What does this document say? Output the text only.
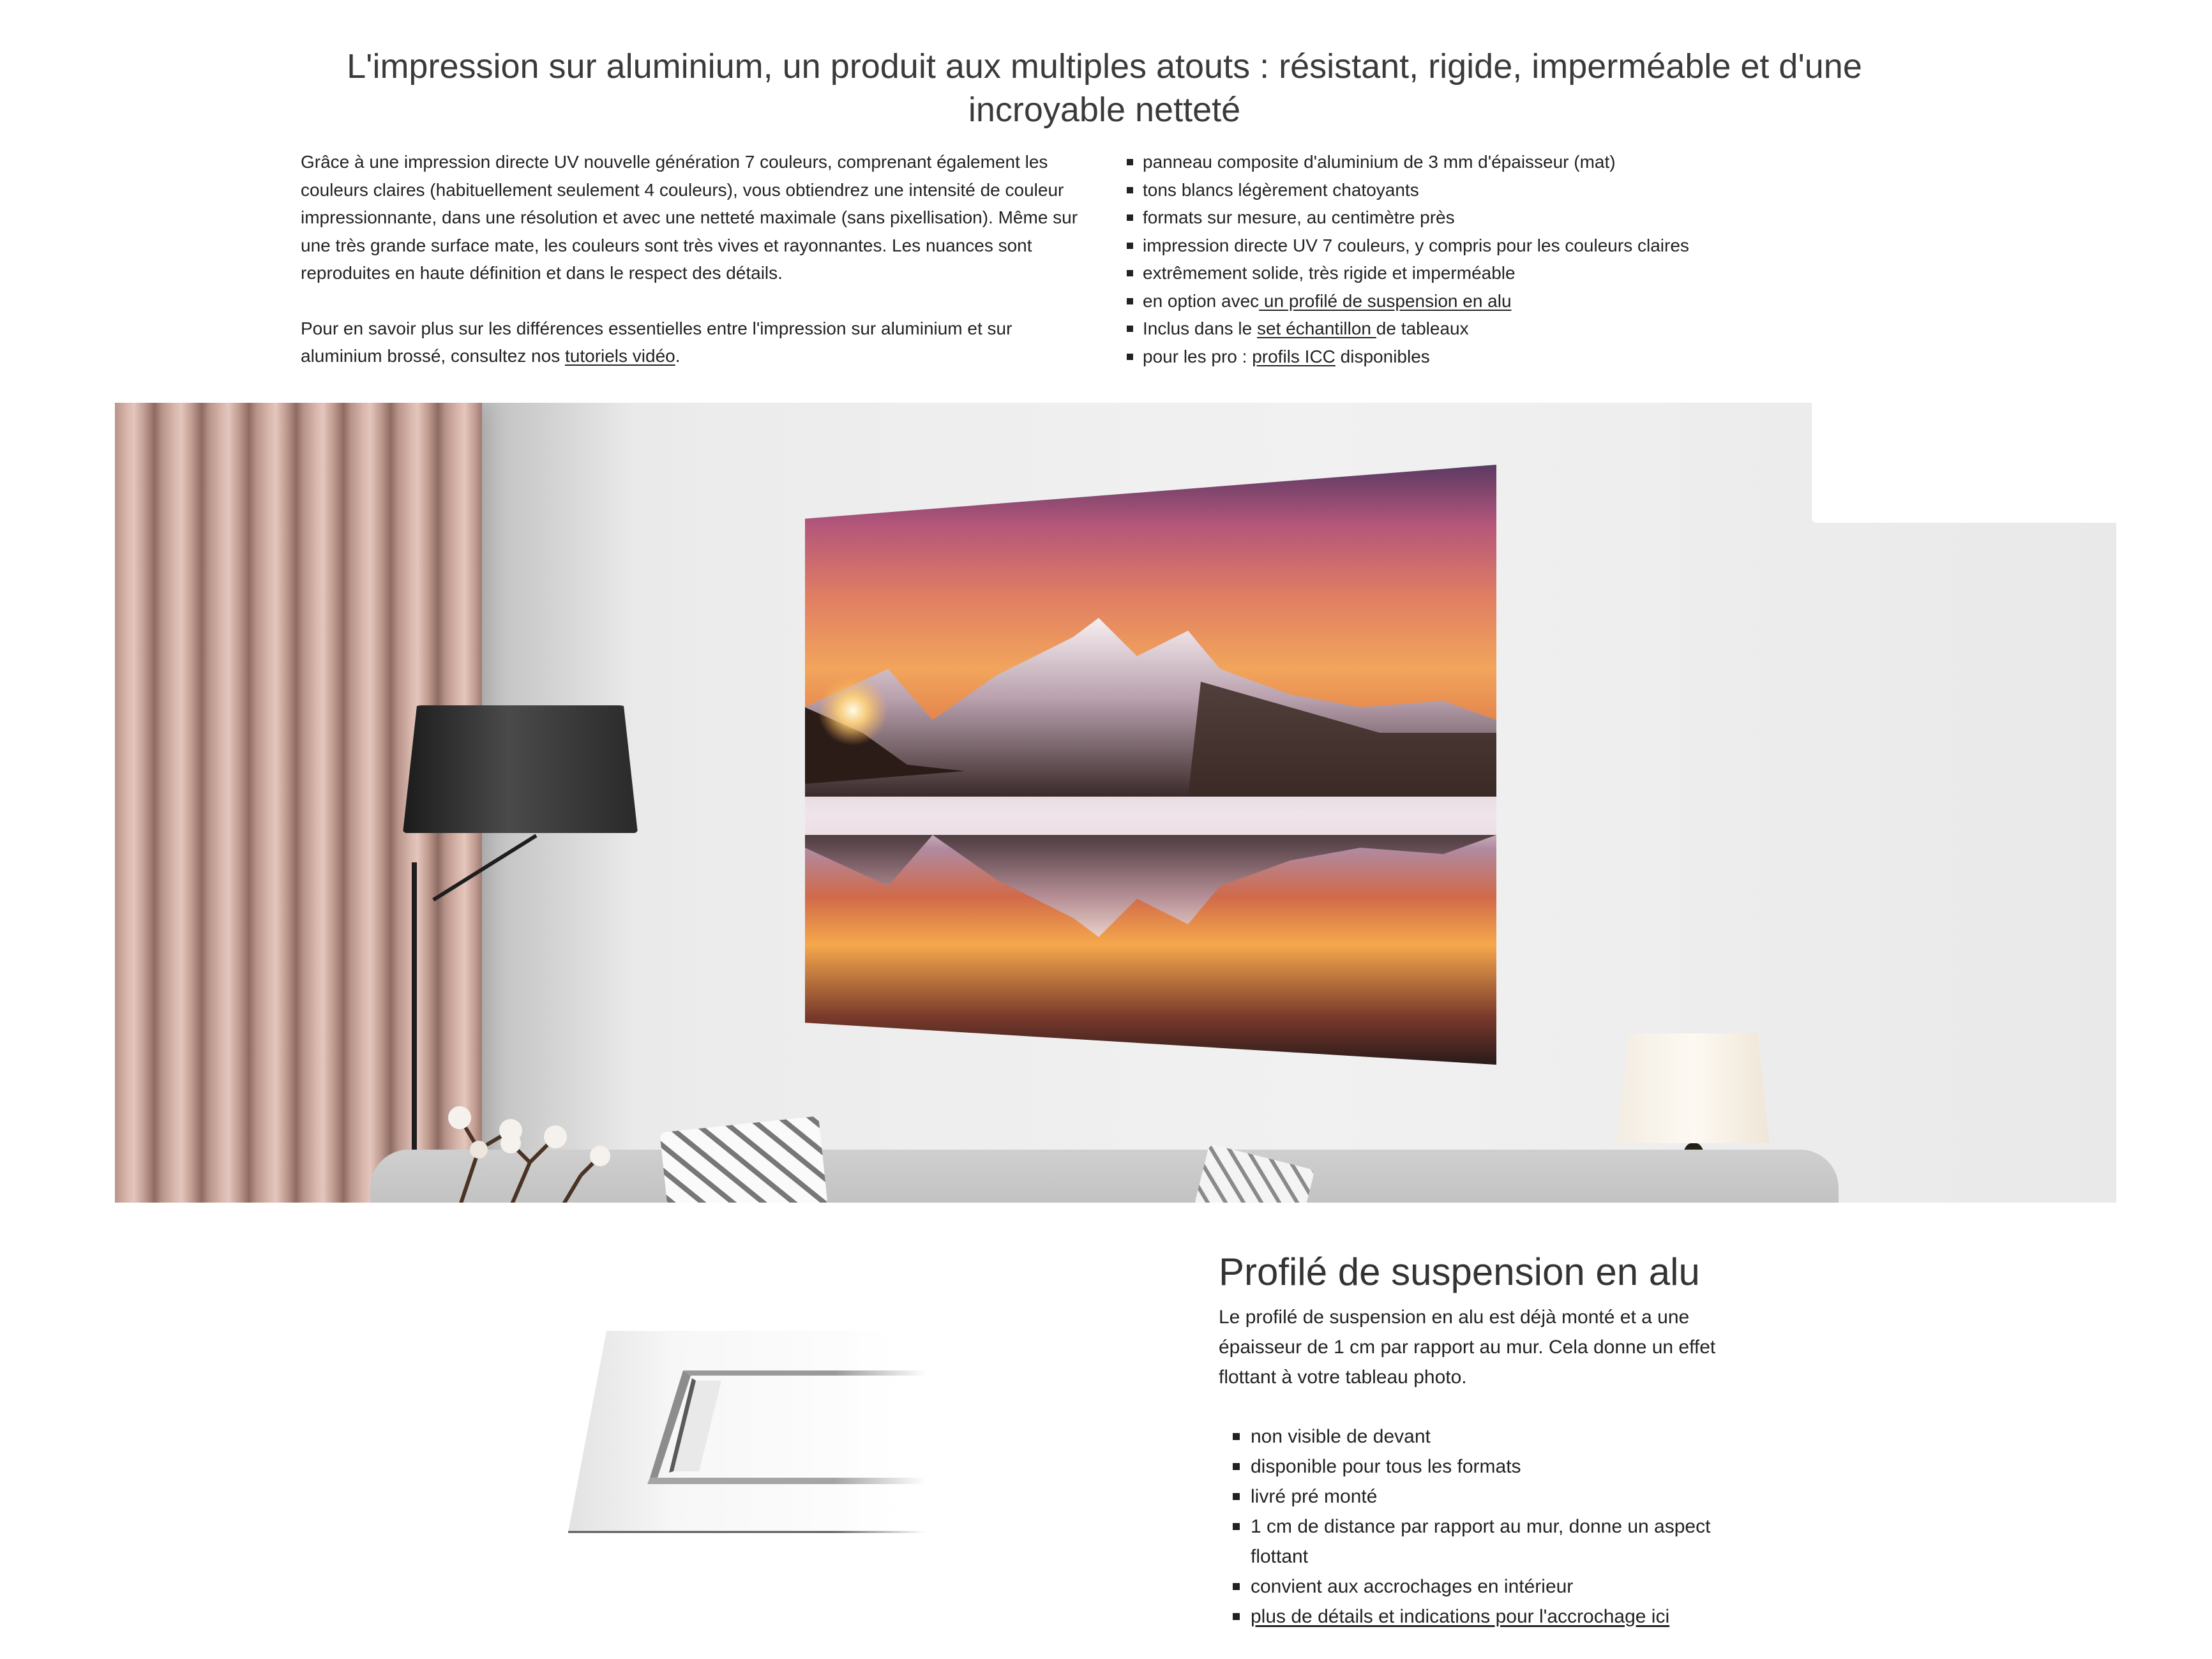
L'impression sur aluminium, un produit aux multiples atouts : résistant, rigide, imperméable et d'une incroyable netteté

Grâce à une impression directe UV nouvelle génération 7 couleurs, comprenant également les couleurs claires (habituellement seulement 4 couleurs), vous obtiendrez une intensité de couleur impressionnante, dans une résolution et avec une netteté maximale (sans pixellisation). Même sur une très grande surface mate, les couleurs sont très vives et rayonnantes. Les nuances sont reproduites en haute définition et dans le respect des détails.

Pour en savoir plus sur les différences essentielles entre l'impression sur aluminium et sur aluminium brossé, consultez nos tutoriels vidéo.

panneau composite d'aluminium de 3 mm d'épaisseur (mat)
tons blancs légèrement chatoyants
formats sur mesure, au centimètre près
impression directe UV 7 couleurs, y compris pour les couleurs claires
extrêmement solide, très rigide et imperméable
en option avec un profilé de suspension en alu
Inclus dans le set échantillon de tableaux
pour les pro : profils ICC disponibles
Profilé de suspension en alu

Le profilé de suspension en alu est déjà monté et a une épaisseur de 1 cm par rapport au mur. Cela donne un effet flottant à votre tableau photo.

non visible de devant
disponible pour tous les formats
livré pré monté
1 cm de distance par rapport au mur, donne un aspect flottant
convient aux accrochages en intérieur
plus de détails et indications pour l'accrochage ici
